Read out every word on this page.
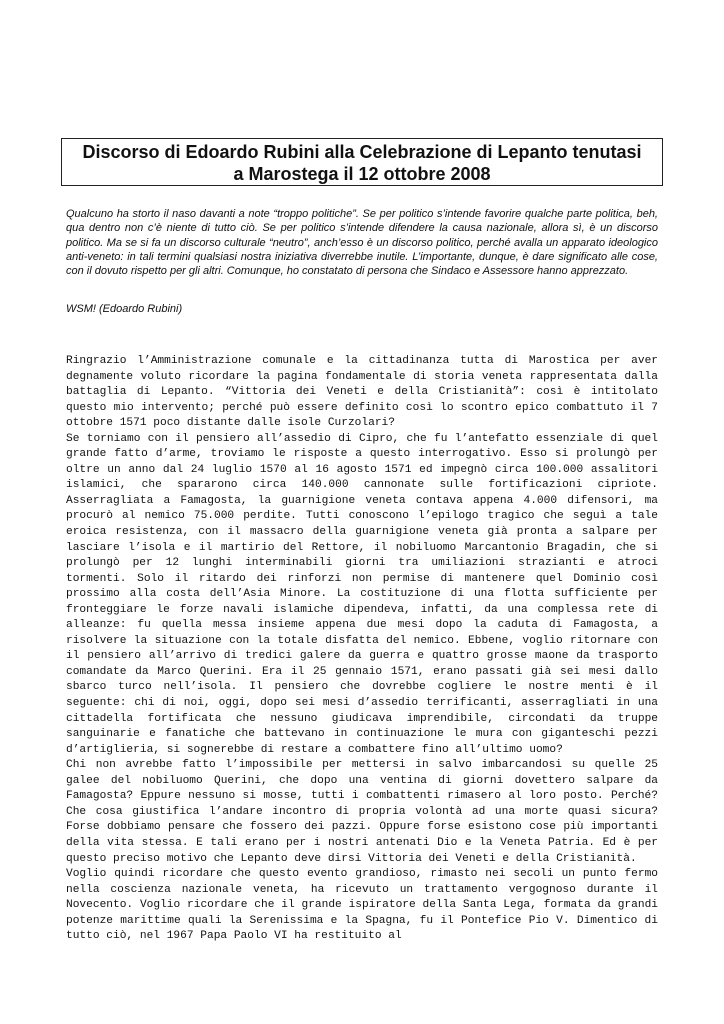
Discorso di Edoardo Rubini alla Celebrazione di Lepanto tenutasi
a Marostega il 12 ottobre 2008

Qualcuno ha storto il naso davanti a note “troppo politiche”. Se per politico s’intende favorire qualche parte politica, beh, qua dentro non c’è niente di tutto ciò. Se per politico s’intende difendere la causa nazionale, allora sì, è un discorso politico. Ma se si fa un discorso culturale “neutro”, anch’esso è un discorso politico, perché avalla un apparato ideologico anti-veneto: in tali termini qualsiasi nostra iniziativa diverrebbe inutile. L’importante, dunque, è dare significato alle cose, con il dovuto rispetto per gli altri. Comunque, ho constatato di persona che Sindaco e Assessore hanno apprezzato.

WSM! (Edoardo Rubini)

Ringrazio l’Amministrazione comunale e la cittadinanza tutta di Marostica per aver degnamente voluto ricordare la pagina fondamentale di storia veneta rappresentata dalla battaglia di Lepanto. “Vittoria dei Veneti e della Cristianità”: così è intitolato questo mio intervento; perché può essere definito così lo scontro epico combattuto il 7 ottobre 1571 poco distante dalle isole Curzolari?

Se torniamo con il pensiero all’assedio di Cipro, che fu l’antefatto essenziale di quel grande fatto d’arme, troviamo le risposte a questo interrogativo. Esso si prolungò per oltre un anno dal 24 luglio 1570 al 16 agosto 1571 ed impegnò circa 100.000 assalitori islamici, che spararono circa 140.000 cannonate sulle fortificazioni cipriote. Asserragliata a Famagosta, la guarnigione veneta contava appena 4.000 difensori, ma procurò al nemico 75.000 perdite. Tutti conoscono l’epilogo tragico che seguì a tale eroica resistenza, con il massacro della guarnigione veneta già pronta a salpare per lasciare l’isola e il martirio del Rettore, il nobiluomo Marcantonio Bragadin, che si prolungò per 12 lunghi interminabili giorni tra umiliazioni strazianti e atroci tormenti. Solo il ritardo dei rinforzi non permise di mantenere quel Dominio così prossimo alla costa dell’Asia Minore. La costituzione di una flotta sufficiente per fronteggiare le forze navali islamiche dipendeva, infatti, da una complessa rete di alleanze: fu quella messa insieme appena due mesi dopo la caduta di Famagosta, a risolvere la situazione con la totale disfatta del nemico. Ebbene, voglio ritornare con il pensiero all’arrivo di tredici galere da guerra e quattro grosse maone da trasporto comandate da Marco Querini. Era il 25 gennaio 1571, erano passati già sei mesi dallo sbarco turco nell’isola. Il pensiero che dovrebbe cogliere le nostre menti è il seguente: chi di noi, oggi, dopo sei mesi d’assedio terrificanti, asserragliati in una cittadella fortificata che nessuno giudicava imprendibile, circondati da truppe sanguinarie e fanatiche che battevano in continuazione le mura con giganteschi pezzi d’artiglieria, si sognerebbe di restare a combattere fino all’ultimo uomo?

Chi non avrebbe fatto l’impossibile per mettersi in salvo imbarcandosi su quelle 25 galee del nobiluomo Querini, che dopo una ventina di giorni dovettero salpare da Famagosta? Eppure nessuno si mosse, tutti i combattenti rimasero al loro posto. Perché? Che cosa giustifica l’andare incontro di propria volontà ad una morte quasi sicura? Forse dobbiamo pensare che fossero dei pazzi. Oppure forse esistono cose più importanti della vita stessa. E tali erano per i nostri antenati Dio e la Veneta Patria. Ed è per questo preciso motivo che Lepanto deve dirsi Vittoria dei Veneti e della Cristianità.

Voglio quindi ricordare che questo evento grandioso, rimasto nei secoli un punto fermo nella coscienza nazionale veneta, ha ricevuto un trattamento vergognoso durante il Novecento. Voglio ricordare che il grande ispiratore della Santa Lega, formata da grandi potenze marittime quali la Serenissima e la Spagna, fu il Pontefice Pio V. Dimentico di tutto ciò, nel 1967 Papa Paolo VI ha restituito al
